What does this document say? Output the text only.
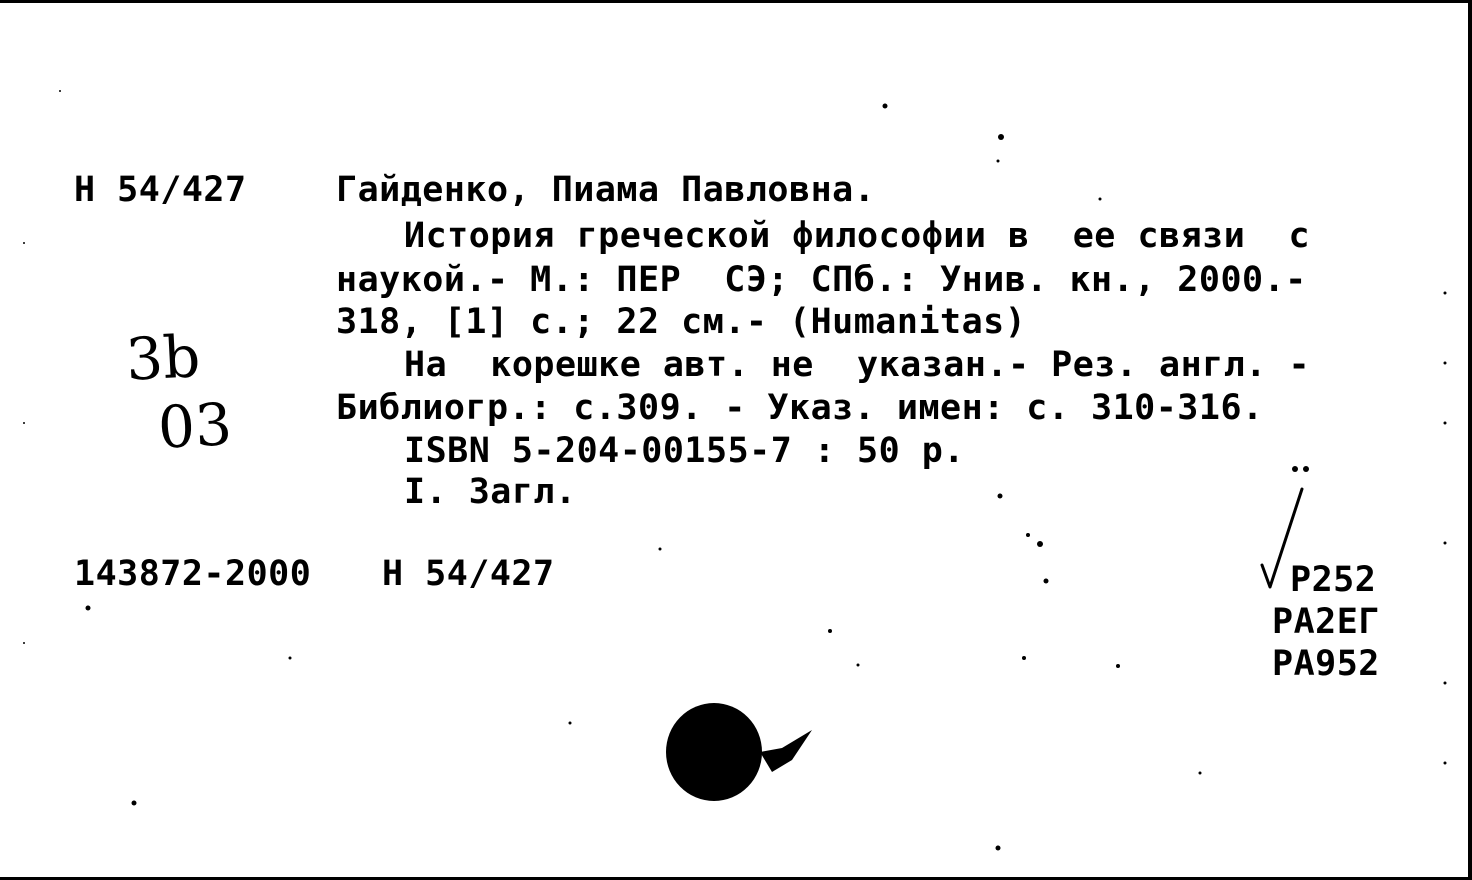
Н 54/427	Гайденко, Пиама Павловна.
История греческой философии в  ее связи  с
наукой.- М.: ПЕР  СЭ; СПб.: Унив. кн., 2000.-
318, [1] с.; 22 см.- (Humanitas)
На  корешке авт. не  указан.- Рез. англ. -
Библиогр.: с.309. - Указ. имен: с. 310-316.
ISBN 5-204-00155-7 : 50 р.
I. Загл.
143872-2000 Н 54/427
3b
03
Р252
РА2ЕГ
РА952
